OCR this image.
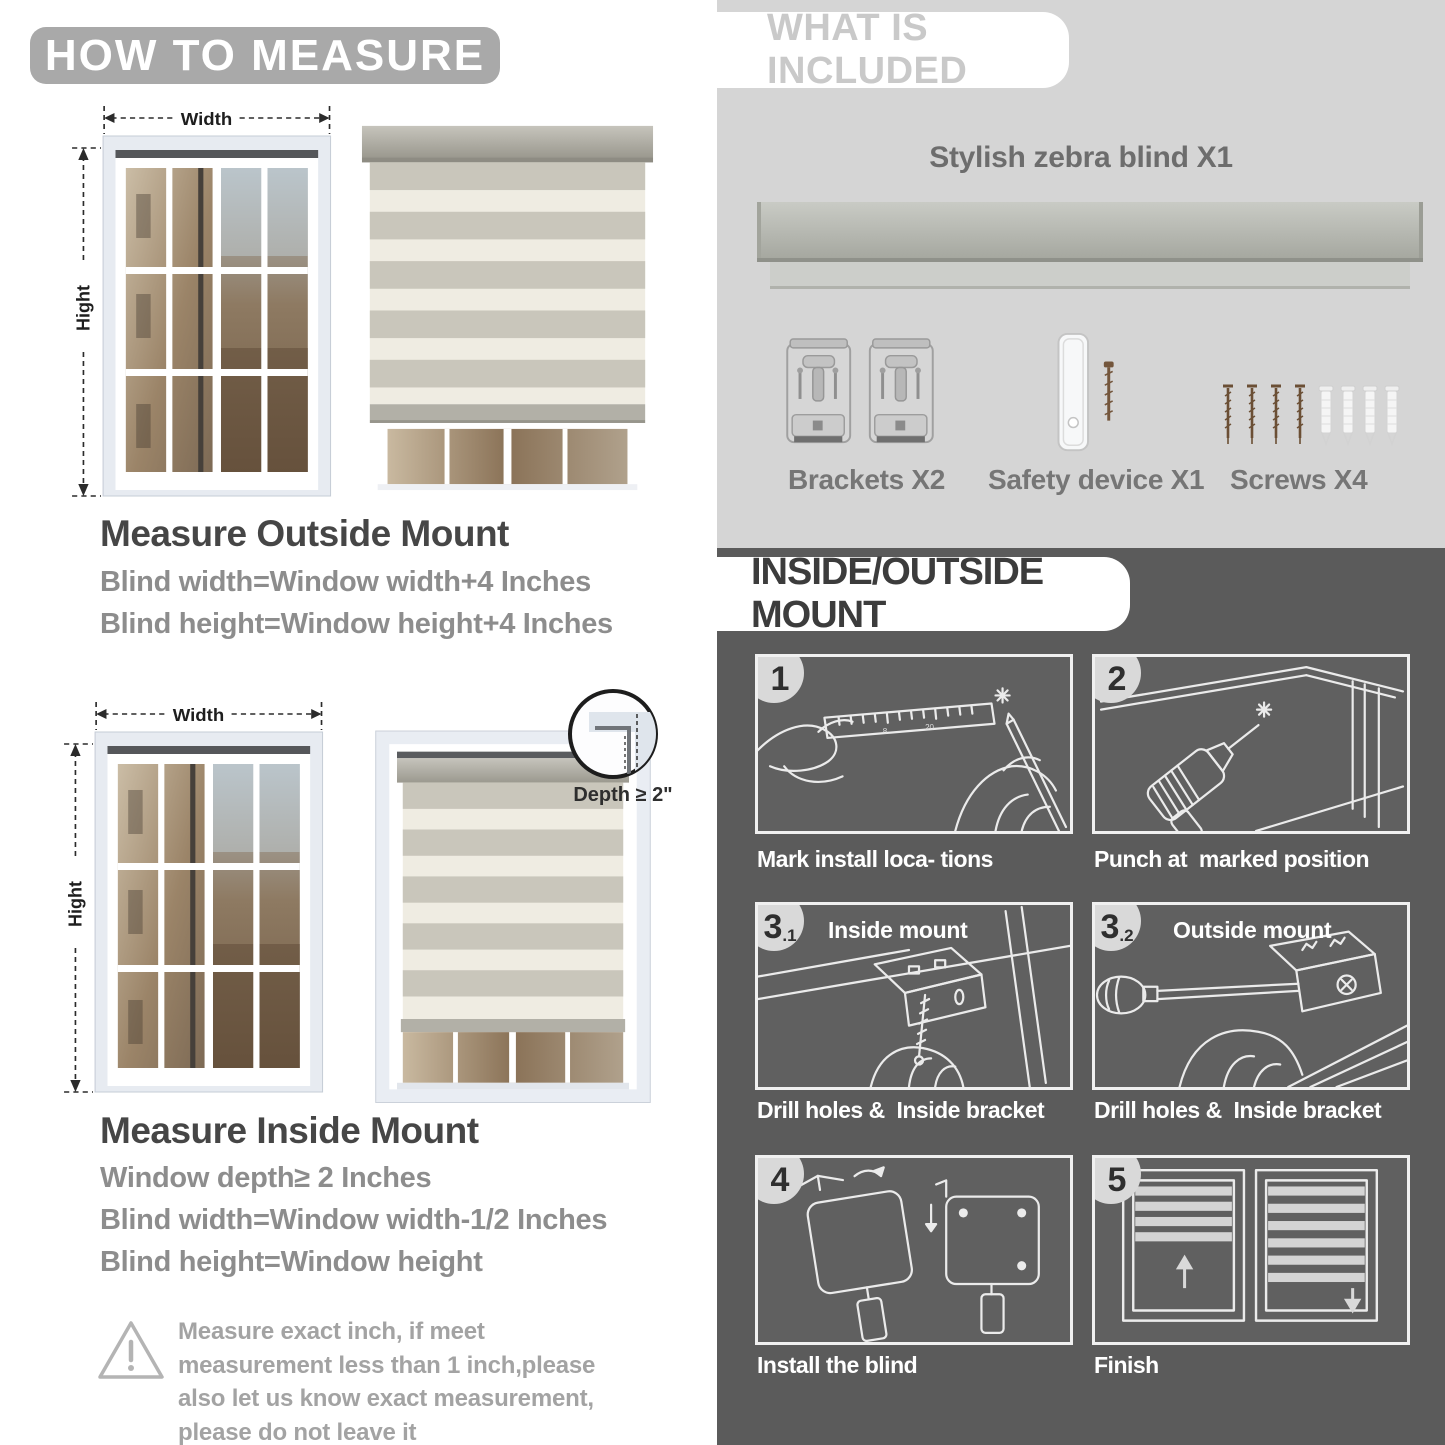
HOW TO MEASURE
Width
Hight
Measure Outside Mount
Blind width=Window width+4 Inches
Blind height=Window height+4 Inches
Width
Hight
Depth ≥ 2"
Measure Inside Mount
Window depth≥ 2 Inches
Blind width=Window width-1/2 Inches
Blind height=Window height
Measure exact inch, if meet measurement less than 1 inch,please also let us know exact measurement, please do not leave it
WHAT IS INCLUDED
Stylish zebra blind X1
Brackets X2 Safety device X1 Screws X4
INSIDE/OUTSIDE MOUNT
8	20
1
Mark install loca- tions
2
Punch at  marked position
3 .1 Inside mount
Drill holes &  Inside bracket
3 .2 Outside mount
Drill holes &  Inside bracket
4
Install the blind
5
Finish
